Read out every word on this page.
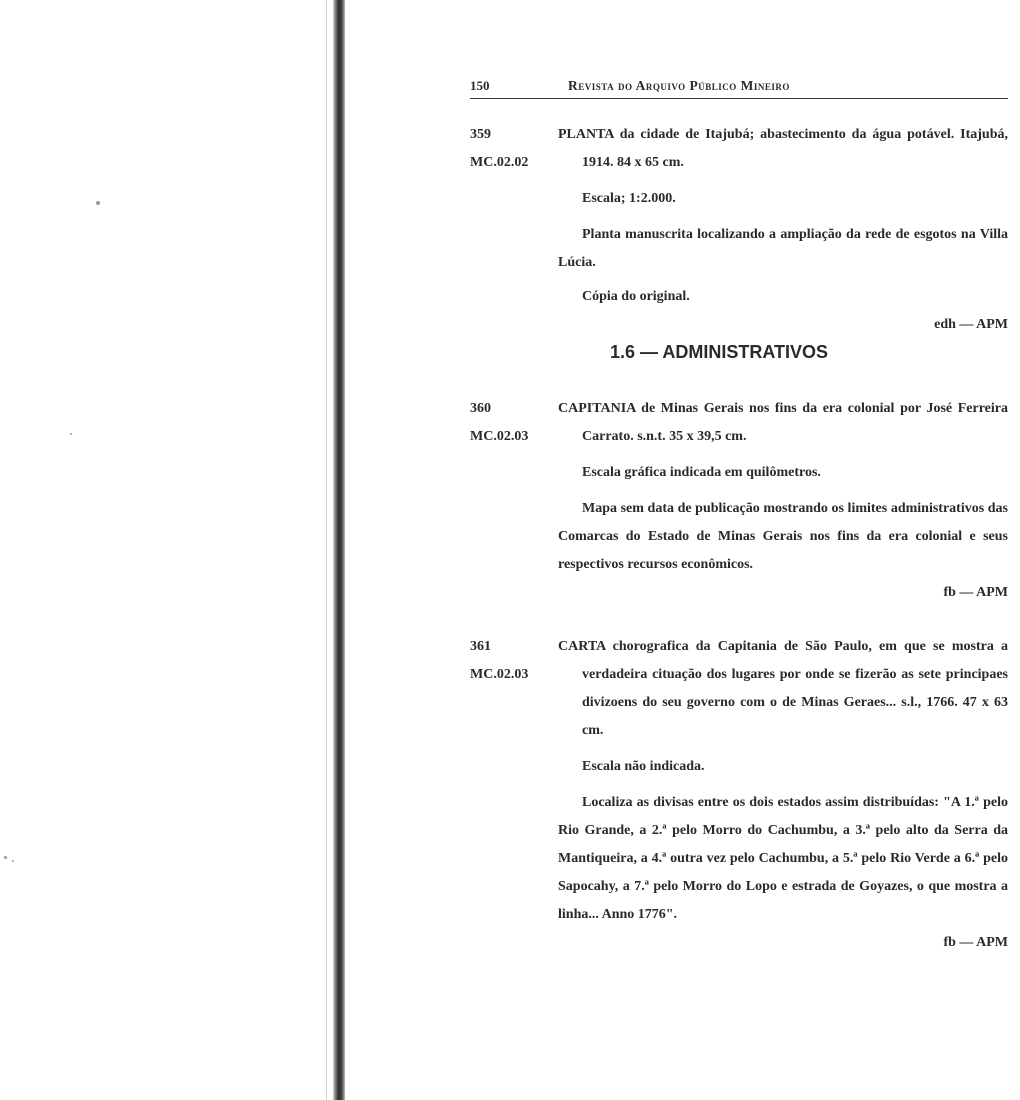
150	Revista do Arquivo Público Mineiro
359
MC.02.02

PLANTA da cidade de Itajubá; abastecimento da água potável. Itajubá, 1914. 84 x 65 cm.

Escala; 1:2.000.

Planta manuscrita localizando a ampliação da rede de esgotos na Villa Lúcia.

Cópia do original.

edh — APM

1.6 — ADMINISTRATIVOS
360
MC.02.03

CAPITANIA de Minas Gerais nos fins da era colonial por José Ferreira Carrato. s.n.t. 35 x 39,5 cm.

Escala gráfica indicada em quilômetros.

Mapa sem data de publicação mostrando os limites administrativos das Comarcas do Estado de Minas Gerais nos fins da era colonial e seus respectivos recursos econômicos.

fb — APM

361
MC.02.03

CARTA chorografica da Capitania de São Paulo, em que se mostra a verdadeira cituação dos lugares por onde se fizerão as sete principaes divizoens do seu governo com o de Minas Geraes... s.l., 1766. 47 x 63 cm.

Escala não indicada.

Localiza as divisas entre os dois estados assim distribuídas: "A 1.ª pelo Rio Grande, a 2.ª pelo Morro do Cachumbu, a 3.ª pelo alto da Serra da Mantiqueira, a 4.ª outra vez pelo Cachumbu, a 5.ª pelo Rio Verde a 6.ª pelo Sapocahy, a 7.ª pelo Morro do Lopo e estrada de Goyazes, o que mostra a linha... Anno 1776".

fb — APM
